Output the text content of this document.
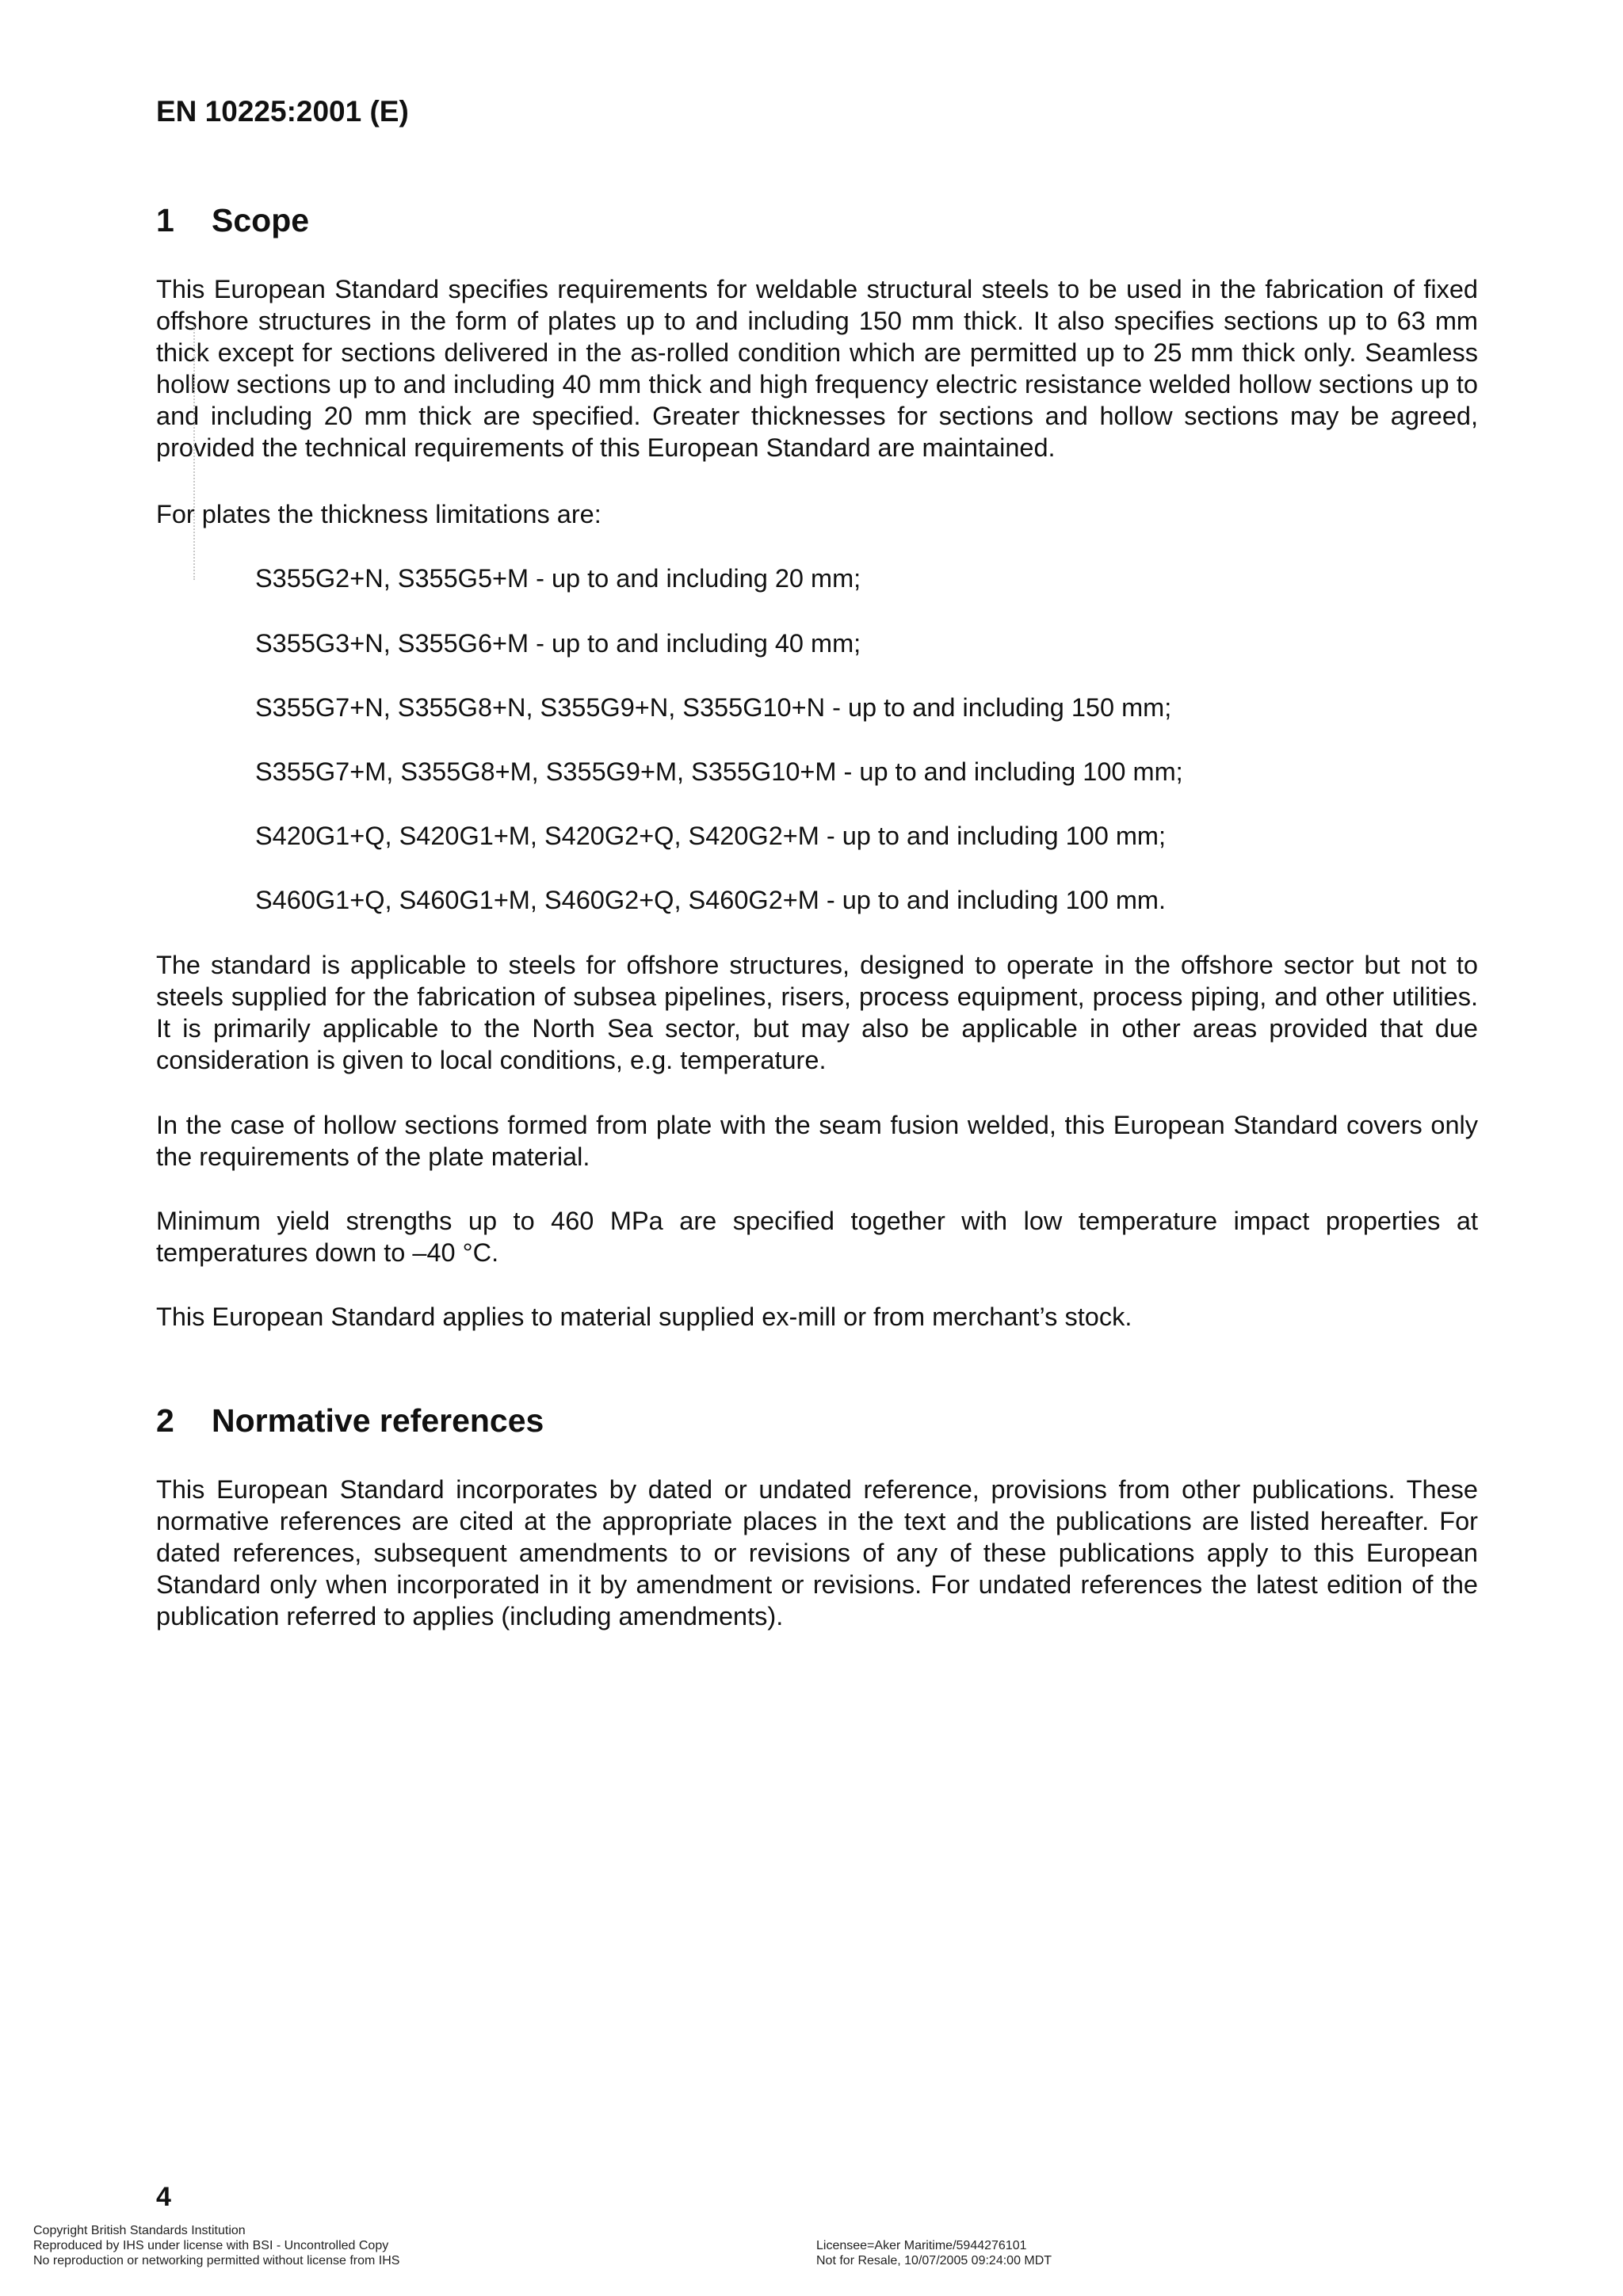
EN 10225:2001 (E)

1 Scope

This European Standard specifies requirements for weldable structural steels to be used in the fabrication of fixed offshore structures in the form of plates up to and including 150 mm thick. It also specifies sections up to 63 mm thick except for sections delivered in the as-rolled condition which are permitted up to 25 mm thick only. Seamless hollow sections up to and including 40 mm thick and high frequency electric resistance welded hollow sections up to and including 20 mm thick are specified. Greater thicknesses for sections and hollow sections may be agreed, provided the technical requirements of this European Standard are maintained.

For plates the thickness limitations are:

S355G2+N, S355G5+M - up to and including 20 mm;

S355G3+N, S355G6+M - up to and including 40 mm;

S355G7+N, S355G8+N, S355G9+N, S355G10+N - up to and including 150 mm;

S355G7+M, S355G8+M, S355G9+M, S355G10+M - up to and including 100 mm;

S420G1+Q, S420G1+M, S420G2+Q, S420G2+M - up to and including 100 mm;

S460G1+Q, S460G1+M, S460G2+Q, S460G2+M - up to and including 100 mm.

The standard is applicable to steels for offshore structures, designed to operate in the offshore sector but not to steels supplied for the fabrication of subsea pipelines, risers, process equipment, process piping, and other utilities. It is primarily applicable to the North Sea sector, but may also be applicable in other areas provided that due consideration is given to local conditions, e.g. temperature.

In the case of hollow sections formed from plate with the seam fusion welded, this European Standard covers only the requirements of the plate material.

Minimum yield strengths up to 460 MPa are specified together with low temperature impact properties at temperatures down to –40 °C.

This European Standard applies to material supplied ex-mill or from merchant’s stock.

2 Normative references

This European Standard incorporates by dated or undated reference, provisions from other publications. These normative references are cited at the appropriate places in the text and the publications are listed hereafter. For dated references, subsequent amendments to or revisions of any of these publications apply to this European Standard only when incorporated in it by amendment or revisions. For undated references the latest edition of the publication referred to applies (including amendments).

4

Copyright British Standards Institution
Reproduced by IHS under license with BSI - Uncontrolled Copy
No reproduction or networking permitted without license from IHS
Licensee=Aker Maritime/5944276101
Not for Resale, 10/07/2005 09:24:00 MDT
